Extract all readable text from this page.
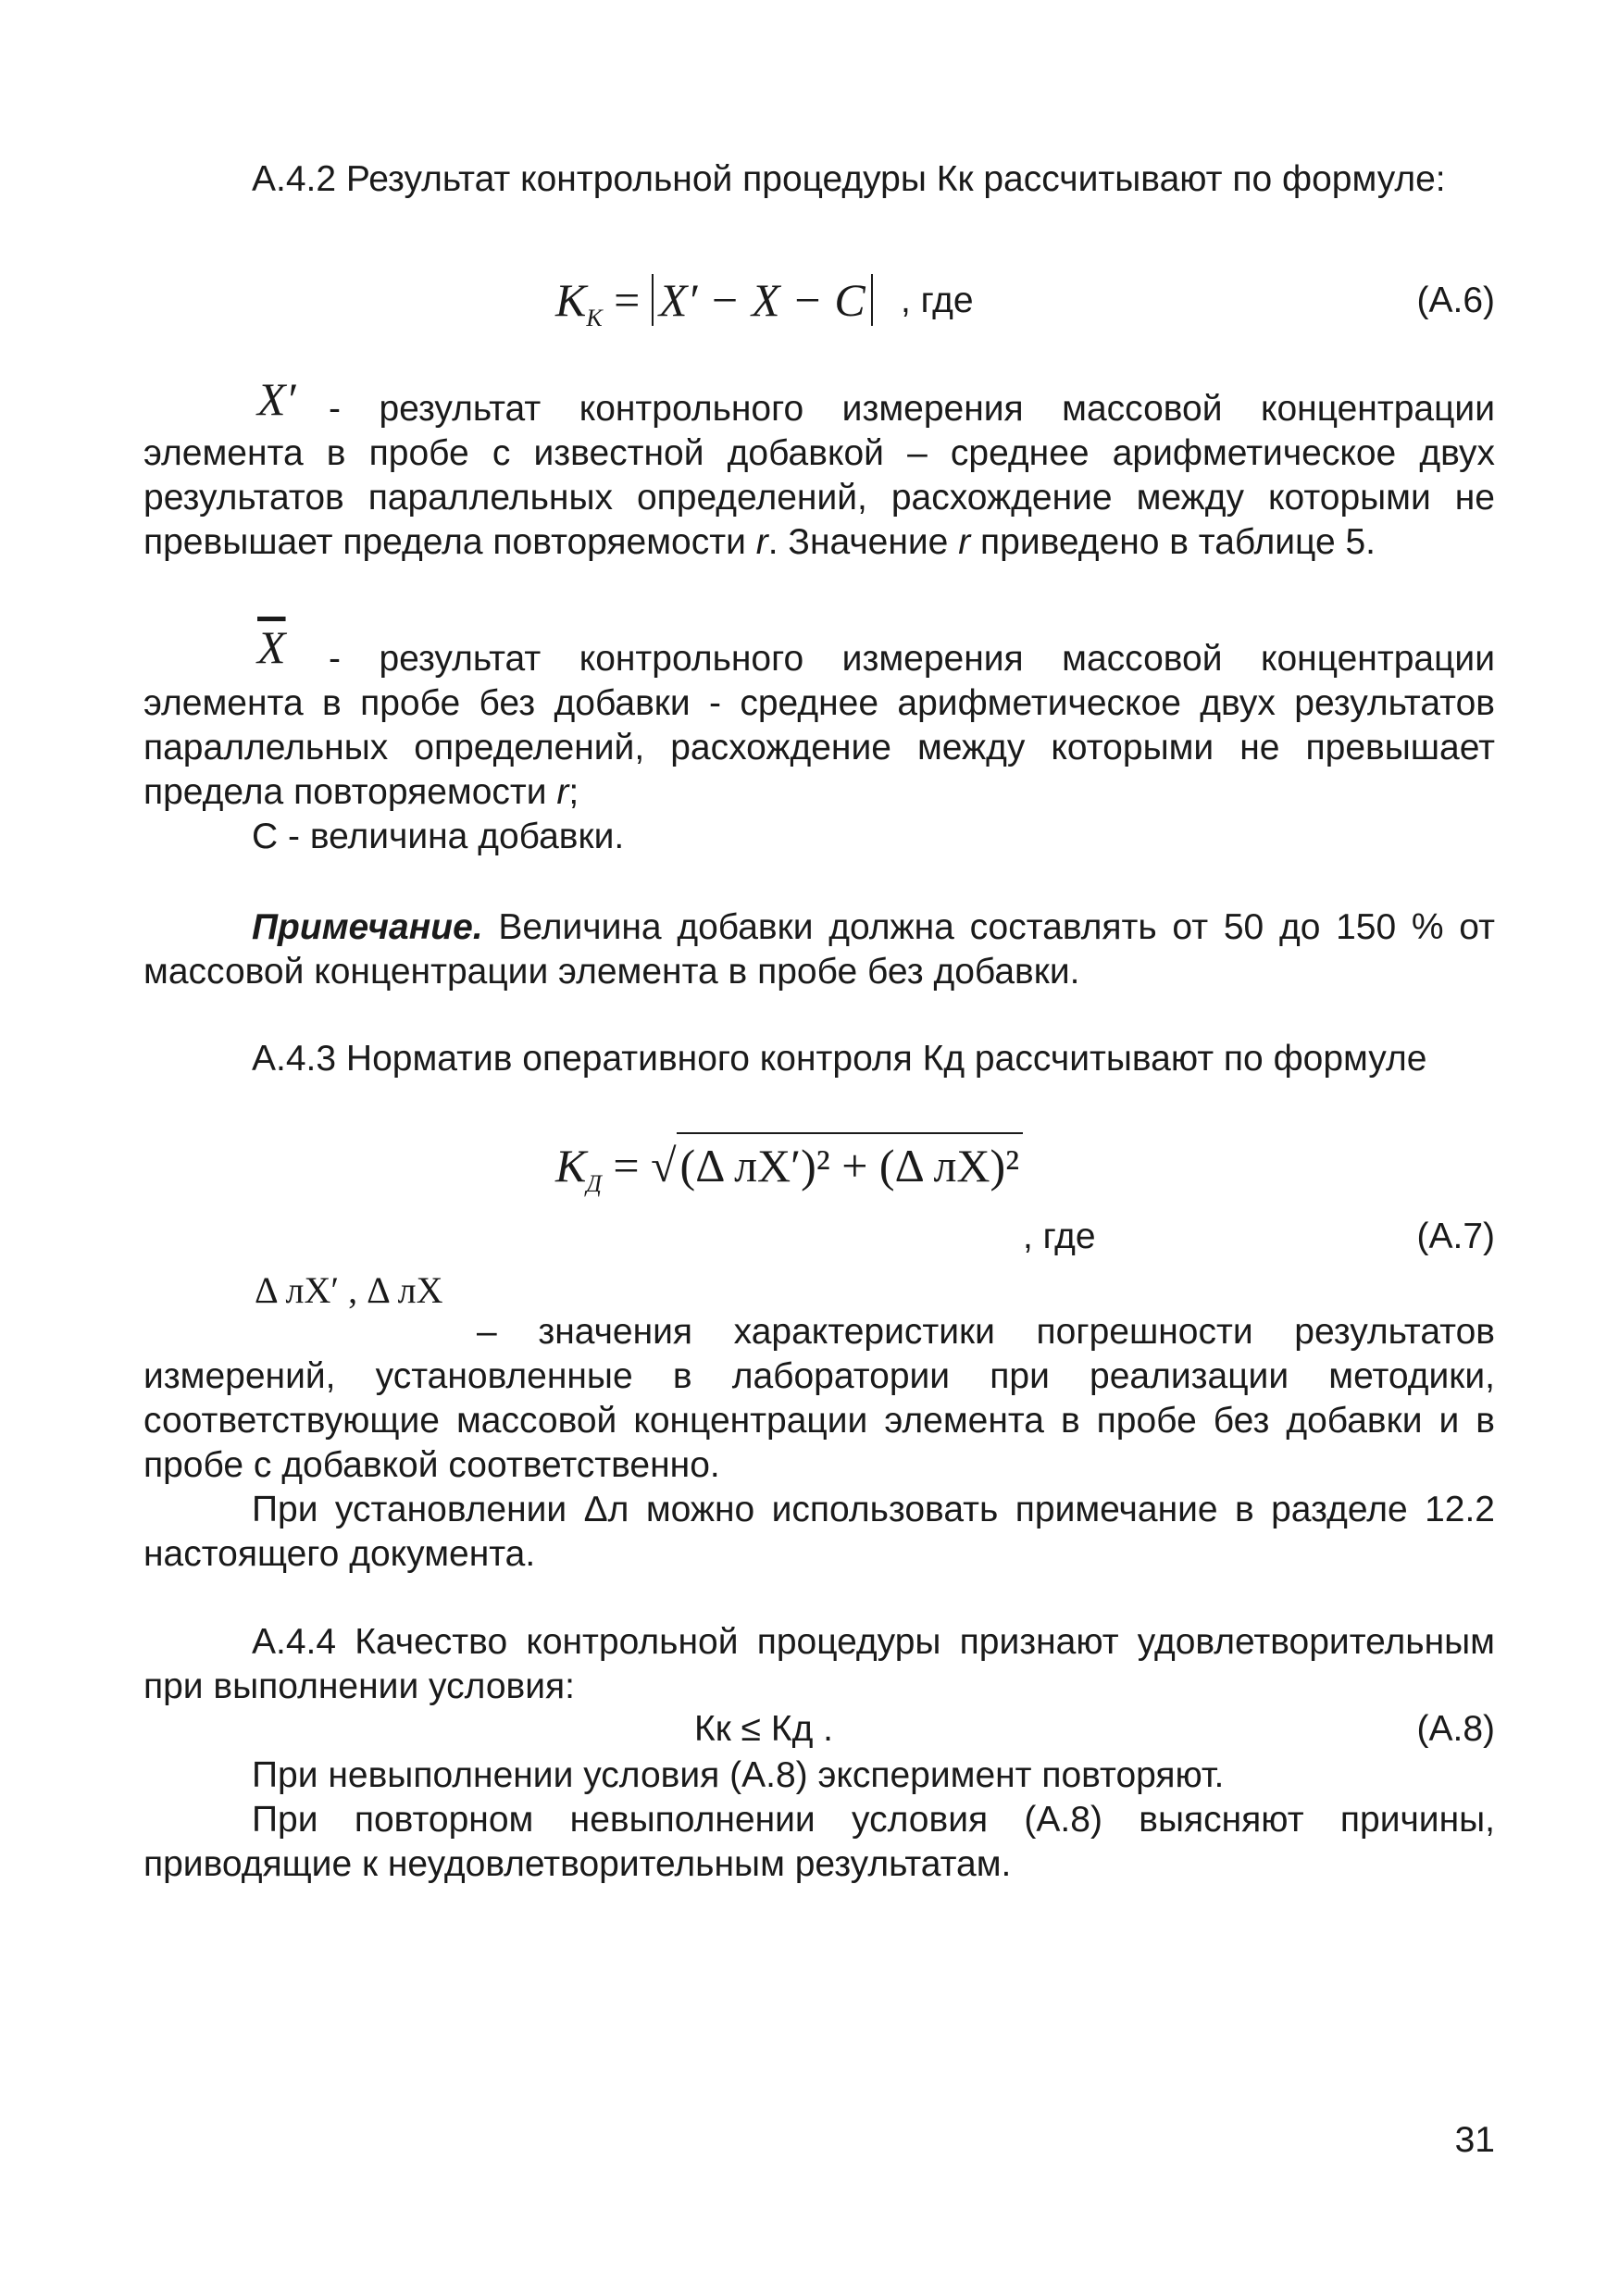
А.4.2 Результат контрольной процедуры Кк рассчитывают по формуле:
$K_К = X' - X - C$ , где	(А.6)
X′ - результат контрольного измерения массовой концентрации элемента в пробе с известной добавкой – среднее арифметическое двух результатов параллельных определений, расхождение между которыми не превышает предела повторяемости r. Значение r приведено в таблице 5.
$\overline{X}$	- результат контрольного измерения массовой концентрации элемента в пробе без добавки - среднее арифметическое двух результатов параллельных определений, расхождение между которыми не превышает предела повторяемости r;
С - величина добавки.
Примечание. Величина добавки должна составлять от 50 до 150 % от массовой концентрации элемента в пробе без добавки.
А.4.3 Норматив оперативного контроля Кд рассчитывают по формуле
$K_Д = √(\Delta$ лX′)² + (Δ лX)²
, где	(А.7)
Δ лX′ , Δ лX
– значения характеристики погрешности результатов измерений, установленные в лаборатории при реализации методики, соответствующие массовой концентрации элемента в пробе без добавки и в пробе с добавкой соответственно.
При установлении Δл можно использовать примечание в разделе 12.2 настоящего документа.
А.4.4 Качество контрольной процедуры признают удовлетворительным при выполнении условия:
Кк ≤ Кд .	(А.8)
При невыполнении условия (А.8) эксперимент повторяют.
При повторном невыполнении условия (А.8) выясняют причины, приводящие к неудовлетворительным результатам.
31
